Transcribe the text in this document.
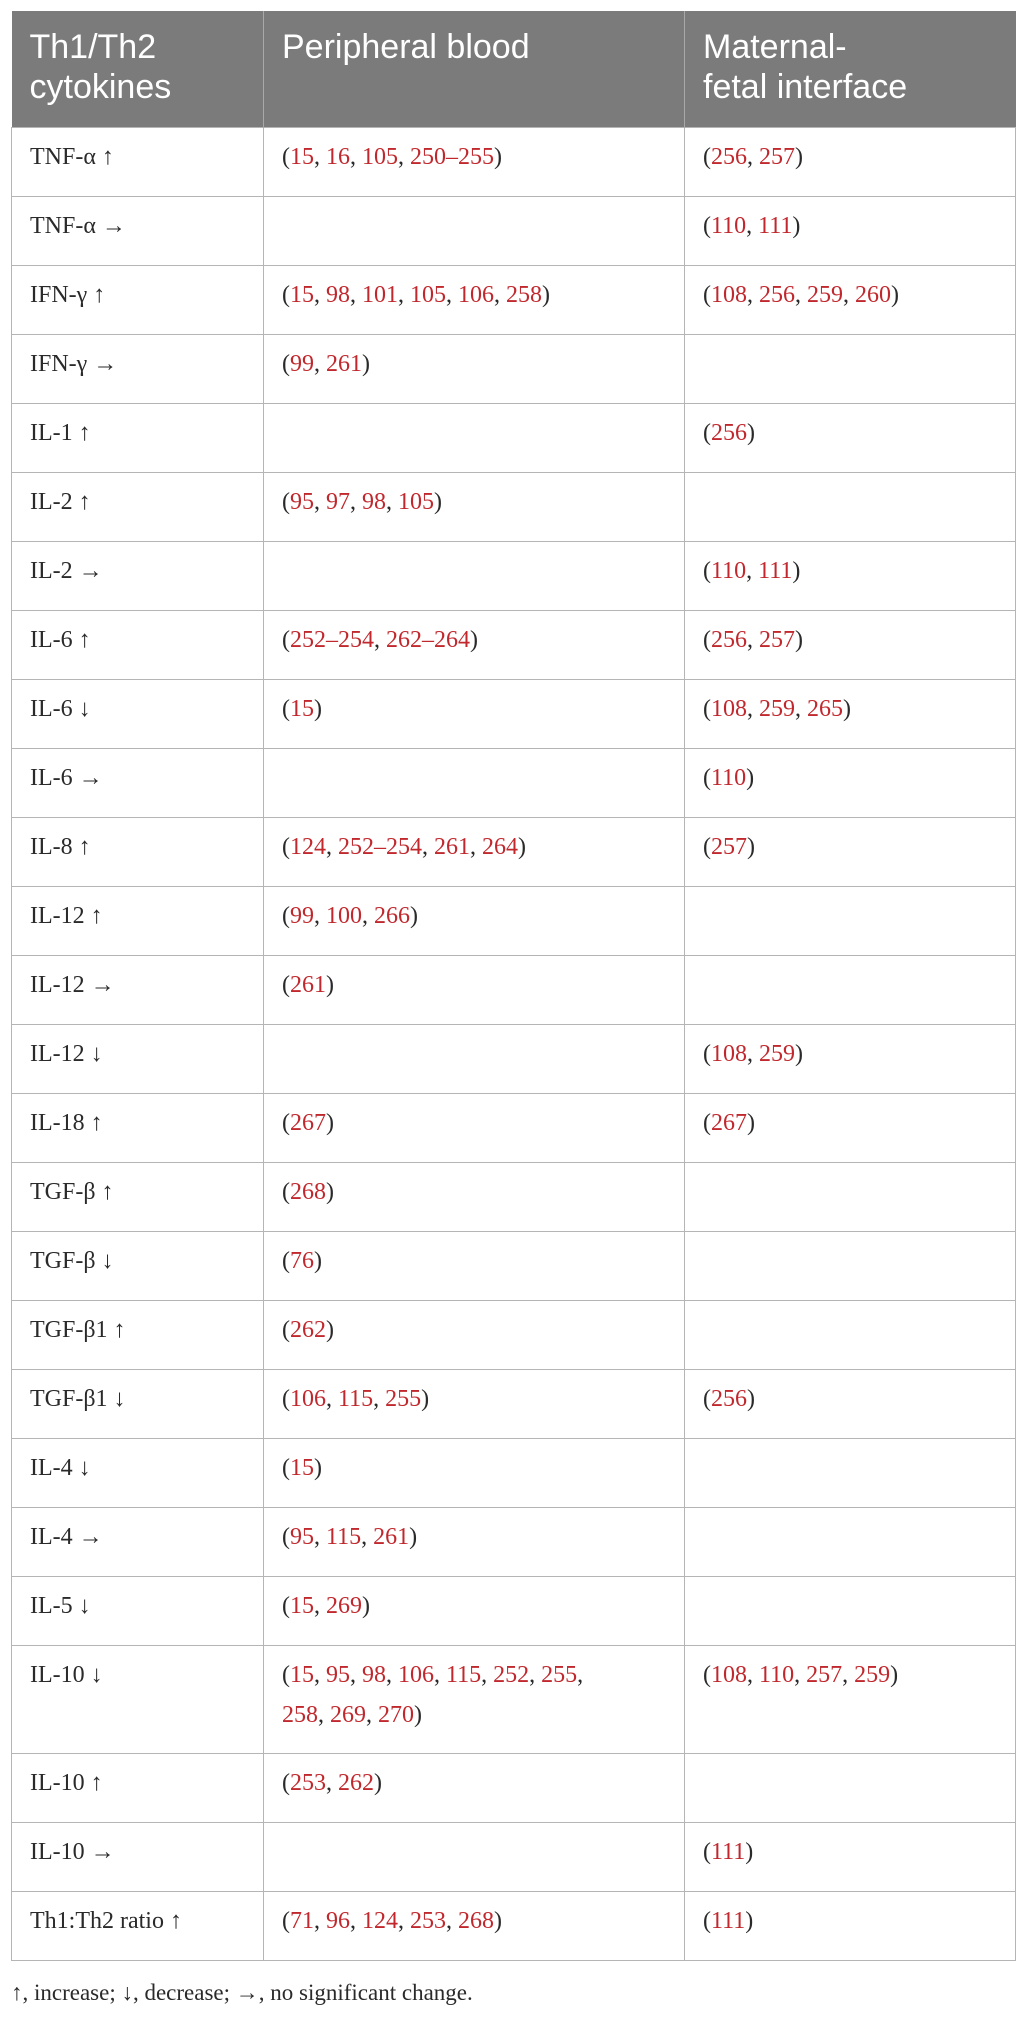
Th1/Th2
cytokines	Peripheral blood	Maternal-
fetal interface
TNF-α ↑	(15, 16, 105, 250–255)	(256, 257)
TNF-α →		(110, 111)
IFN-γ ↑	(15, 98, 101, 105, 106, 258)	(108, 256, 259, 260)
IFN-γ →	(99, 261)	
IL-1 ↑		(256)
IL-2 ↑	(95, 97, 98, 105)	
IL-2 →		(110, 111)
IL-6 ↑	(252–254, 262–264)	(256, 257)
IL-6 ↓	(15)	(108, 259, 265)
IL-6 →		(110)
IL-8 ↑	(124, 252–254, 261, 264)	(257)
IL-12 ↑	(99, 100, 266)	
IL-12 →	(261)	
IL-12 ↓		(108, 259)
IL-18 ↑	(267)	(267)
TGF-β ↑	(268)	
TGF-β ↓	(76)	
TGF-β1 ↑	(262)	
TGF-β1 ↓	(106, 115, 255)	(256)
IL-4 ↓	(15)	
IL-4 →	(95, 115, 261)	
IL-5 ↓	(15, 269)	
IL-10 ↓	(15, 95, 98, 106, 115, 252, 255,
258, 269, 270)	(108, 110, 257, 259)
IL-10 ↑	(253, 262)	
IL-10 →		(111)
Th1:Th2 ratio ↑	(71, 96, 124, 253, 268)	(111)
↑, increase; ↓, decrease; →, no significant change.
